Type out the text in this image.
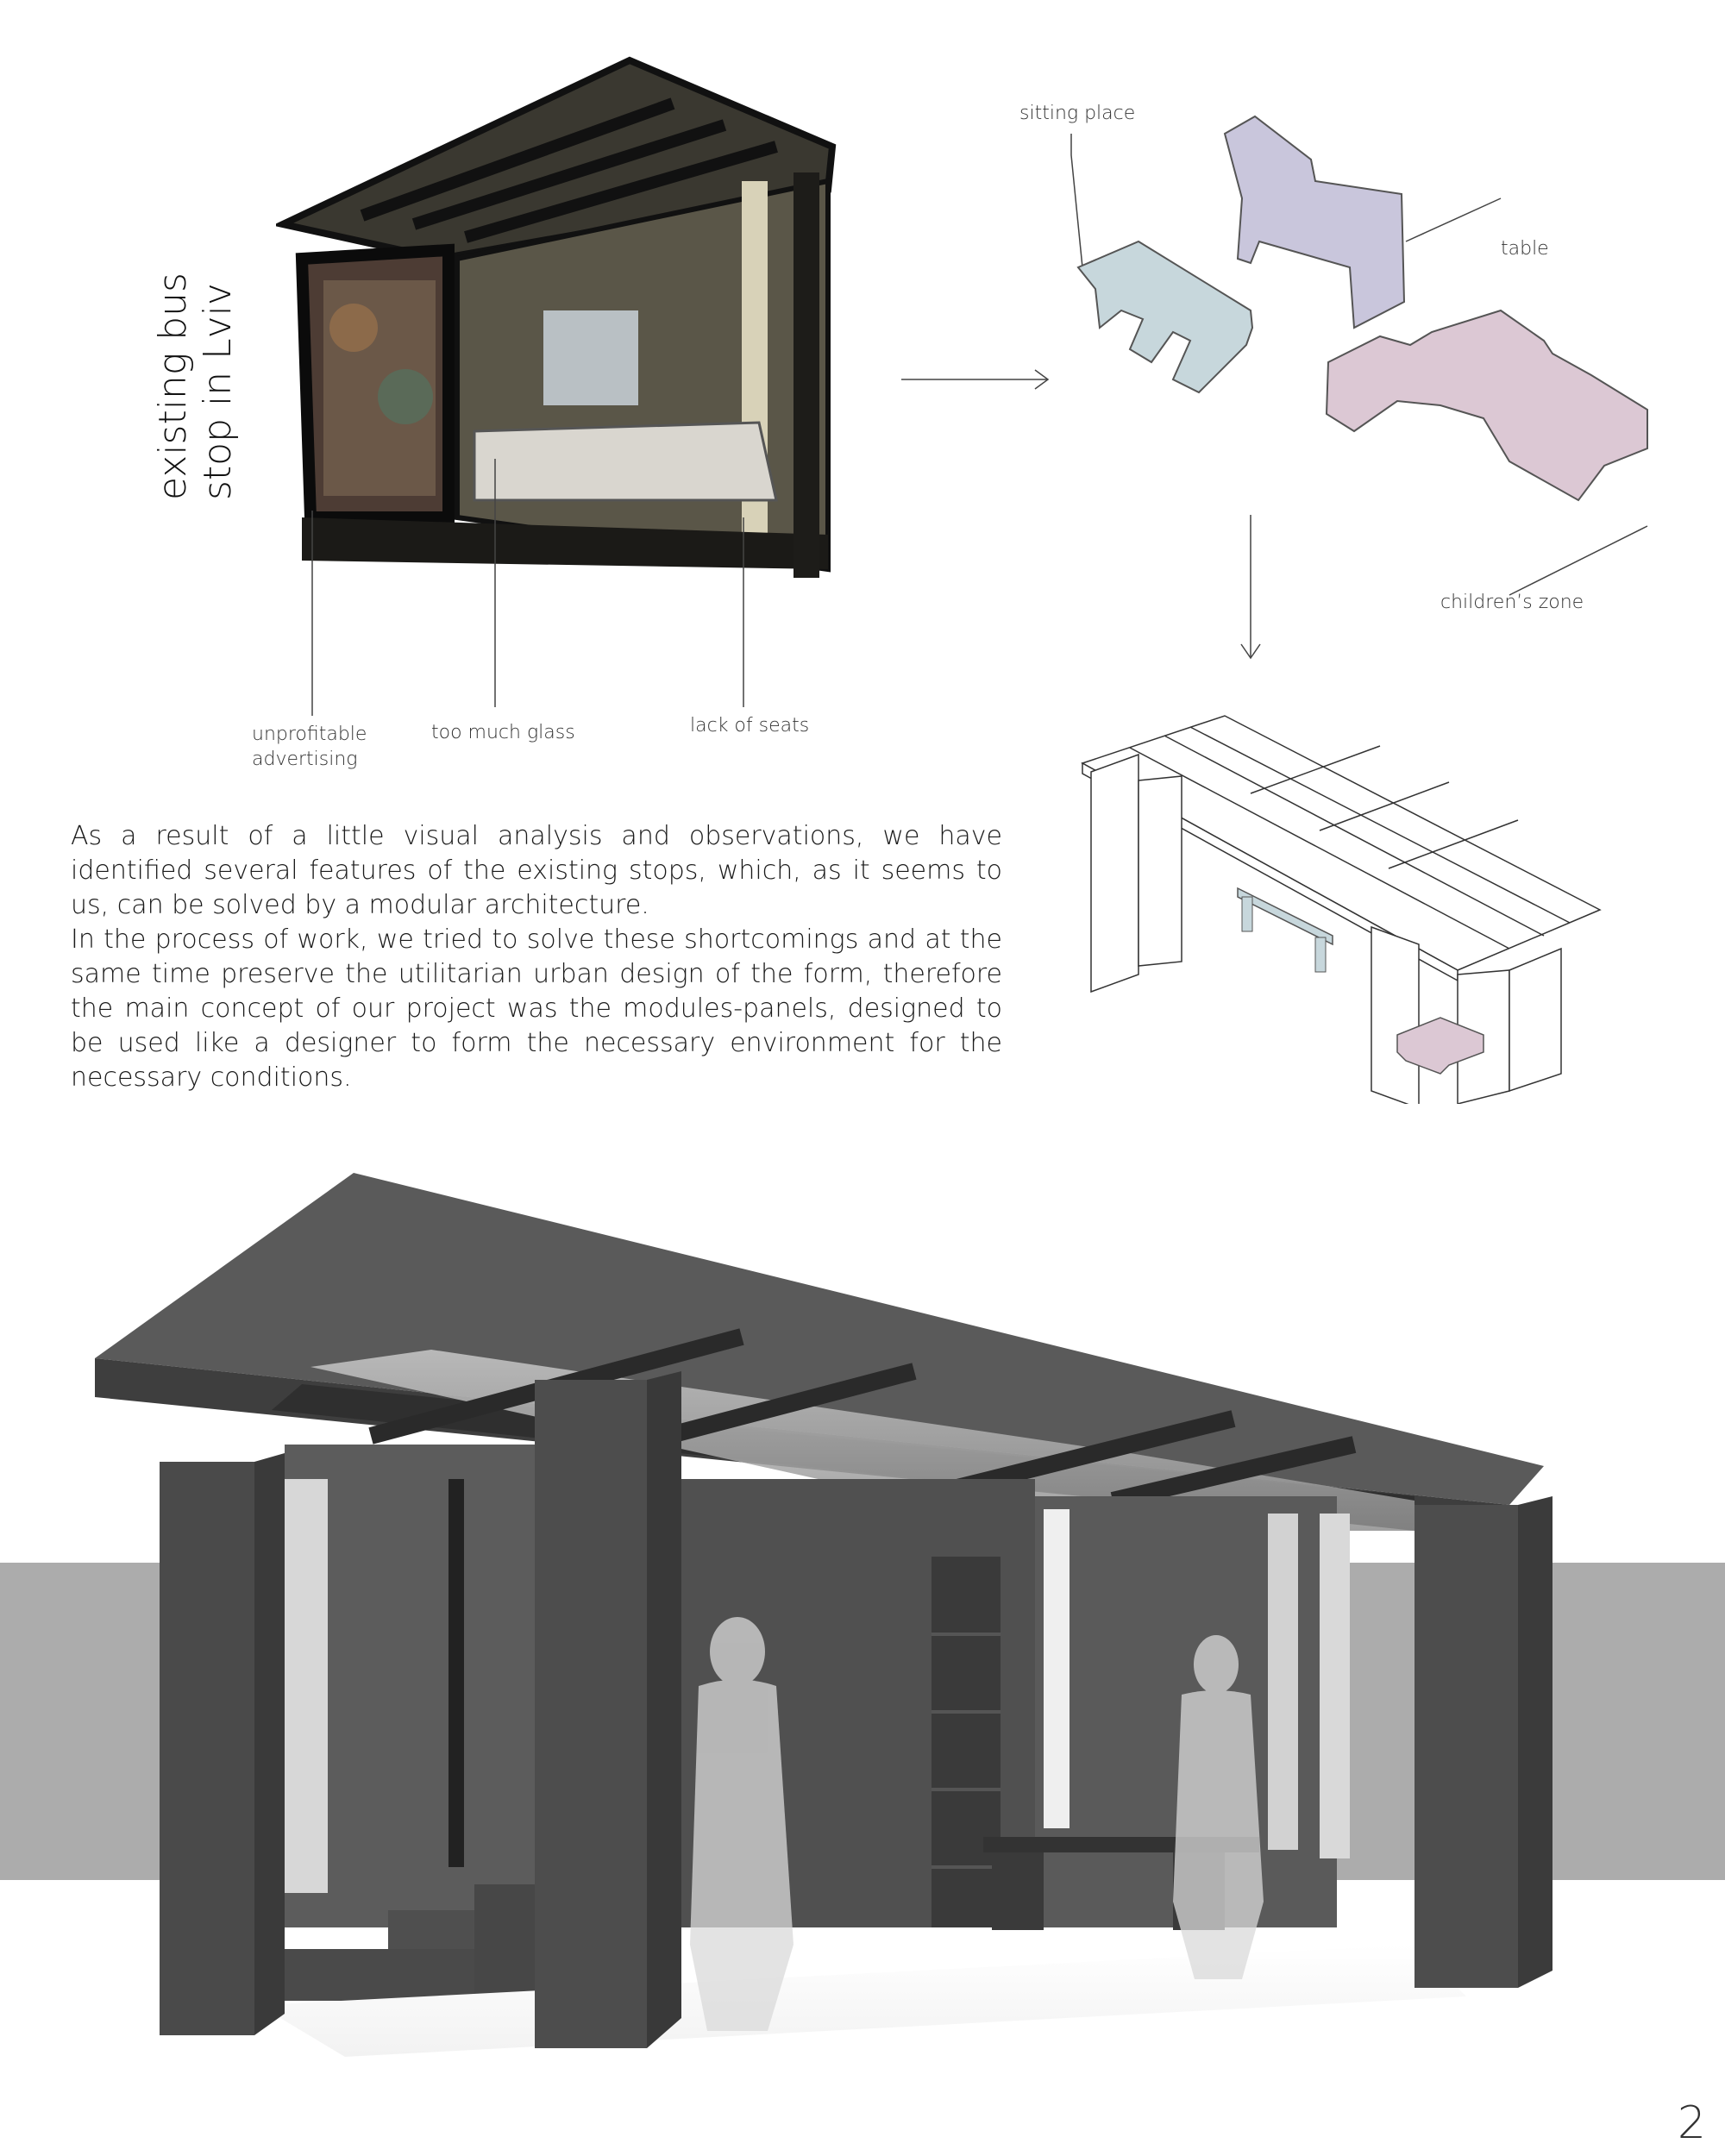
existing bus stop in Lviv
unprofitable advertising
too much glass	lack of seats
sitting place
table
children’s zone

As a result of a little visual analysis and observations, we have identified several features of the existing stops, which, as it seems to us, can be solved by a modular architecture.

In the process of work, we tried to solve these shortcomings and at the same time preserve the utilitarian urban design of the form, therefore the main concept of our project was the modules-panels, designed to be used like a designer to form the necessary environment for the necessary conditions.

2
